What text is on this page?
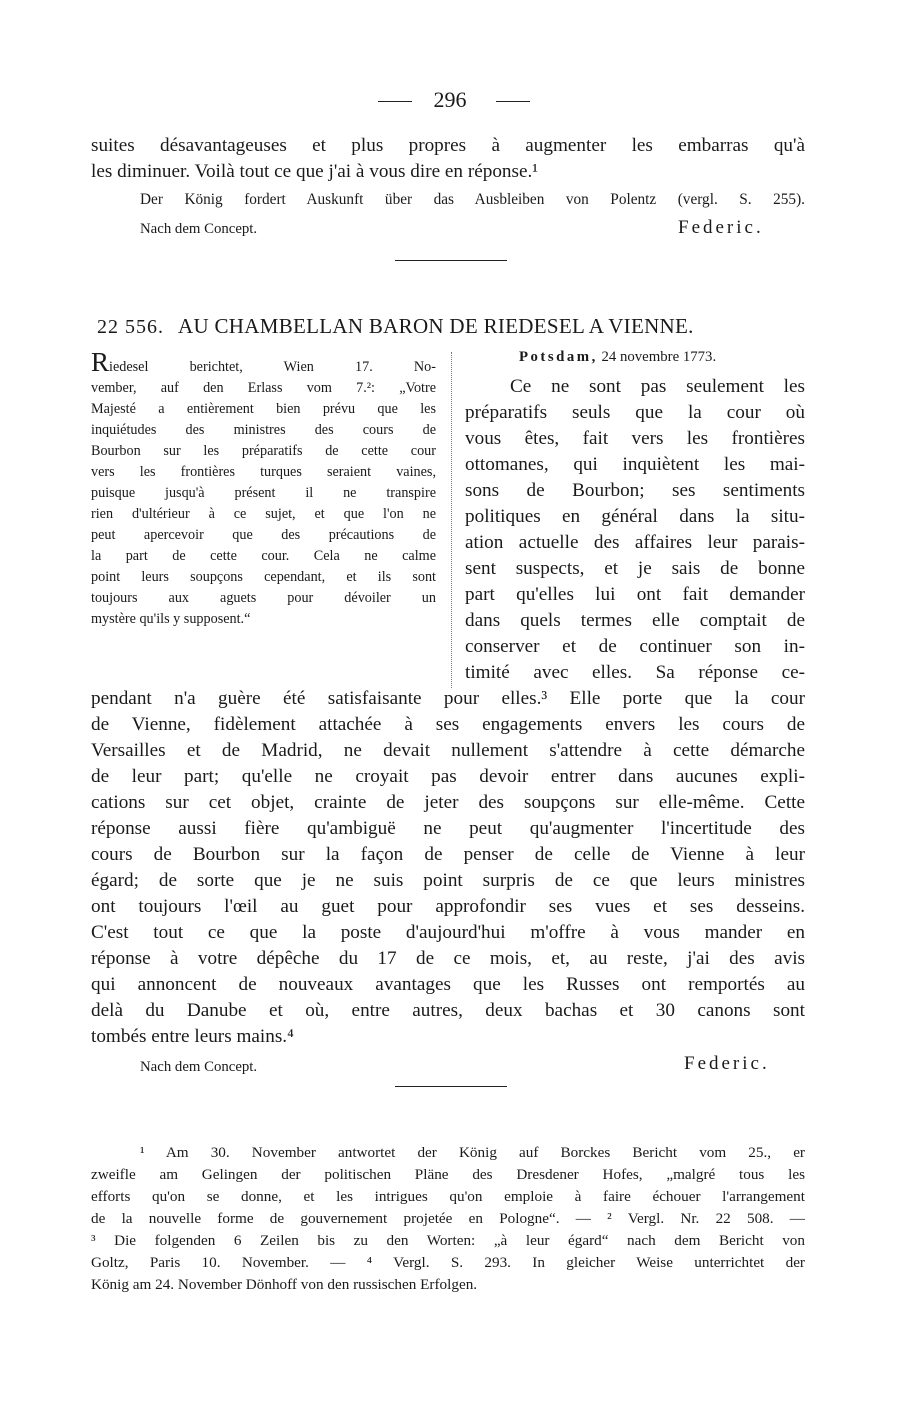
296
suites désavantageuses et plus propres à augmenter les embarras qu'à
les diminuer. Voilà tout ce que j'ai à vous dire en réponse.¹
Der König fordert Auskunft über das Ausbleiben von Polentz (vergl. S. 255).
Nach dem Concept.	Federic.
22 556. AU CHAMBELLAN BARON DE RIEDESEL A VIENNE.
Riedesel berichtet, Wien 17. No-
vember, auf den Erlass vom 7.²: „Votre
Majesté a entièrement bien prévu que les
inquiétudes des ministres des cours de
Bourbon sur les préparatifs de cette cour
vers les frontières turques seraient vaines,
puisque jusqu'à présent il ne transpire
rien d'ultérieur à ce sujet, et que l'on ne
peut apercevoir que des précautions de
la part de cette cour. Cela ne calme
point leurs soupçons cependant, et ils sont
toujours aux aguets pour dévoiler un
mystère qu'ils y supposent.“
Potsdam, 24 novembre 1773.
Ce ne sont pas seulement les
préparatifs seuls que la cour où
vous êtes, fait vers les frontières
ottomanes, qui inquiètent les mai-
sons de Bourbon; ses sentiments
politiques en général dans la situ-
ation actuelle des affaires leur parais-
sent suspects, et je sais de bonne
part qu'elles lui ont fait demander
dans quels termes elle comptait de
conserver et de continuer son in-
timité avec elles. Sa réponse ce-
pendant n'a guère été satisfaisante pour elles.³ Elle porte que la cour
de Vienne, fidèlement attachée à ses engagements envers les cours de
Versailles et de Madrid, ne devait nullement s'attendre à cette démarche
de leur part; qu'elle ne croyait pas devoir entrer dans aucunes expli-
cations sur cet objet, crainte de jeter des soupçons sur elle-même. Cette
réponse aussi fière qu'ambiguë ne peut qu'augmenter l'incertitude des
cours de Bourbon sur la façon de penser de celle de Vienne à leur
égard; de sorte que je ne suis point surpris de ce que leurs ministres
ont toujours l'œil au guet pour approfondir ses vues et ses desseins.
C'est tout ce que la poste d'aujourd'hui m'offre à vous mander en
réponse à votre dépêche du 17 de ce mois, et, au reste, j'ai des avis
qui annoncent de nouveaux avantages que les Russes ont remportés au
delà du Danube et où, entre autres, deux bachas et 30 canons sont
tombés entre leurs mains.⁴
Nach dem Concept.	Federic.
¹ Am 30. November antwortet der König auf Borckes Bericht vom 25., er
zweifle am Gelingen der politischen Pläne des Dresdener Hofes, „malgré tous les
efforts qu'on se donne, et les intrigues qu'on emploie à faire échouer l'arrangement
de la nouvelle forme de gouvernement projetée en Pologne“. — ² Vergl. Nr. 22 508. —
³ Die folgenden 6 Zeilen bis zu den Worten: „à leur égard“ nach dem Bericht von
Goltz, Paris 10. November. — ⁴ Vergl. S. 293. In gleicher Weise unterrichtet der
König am 24. November Dönhoff von den russischen Erfolgen.
